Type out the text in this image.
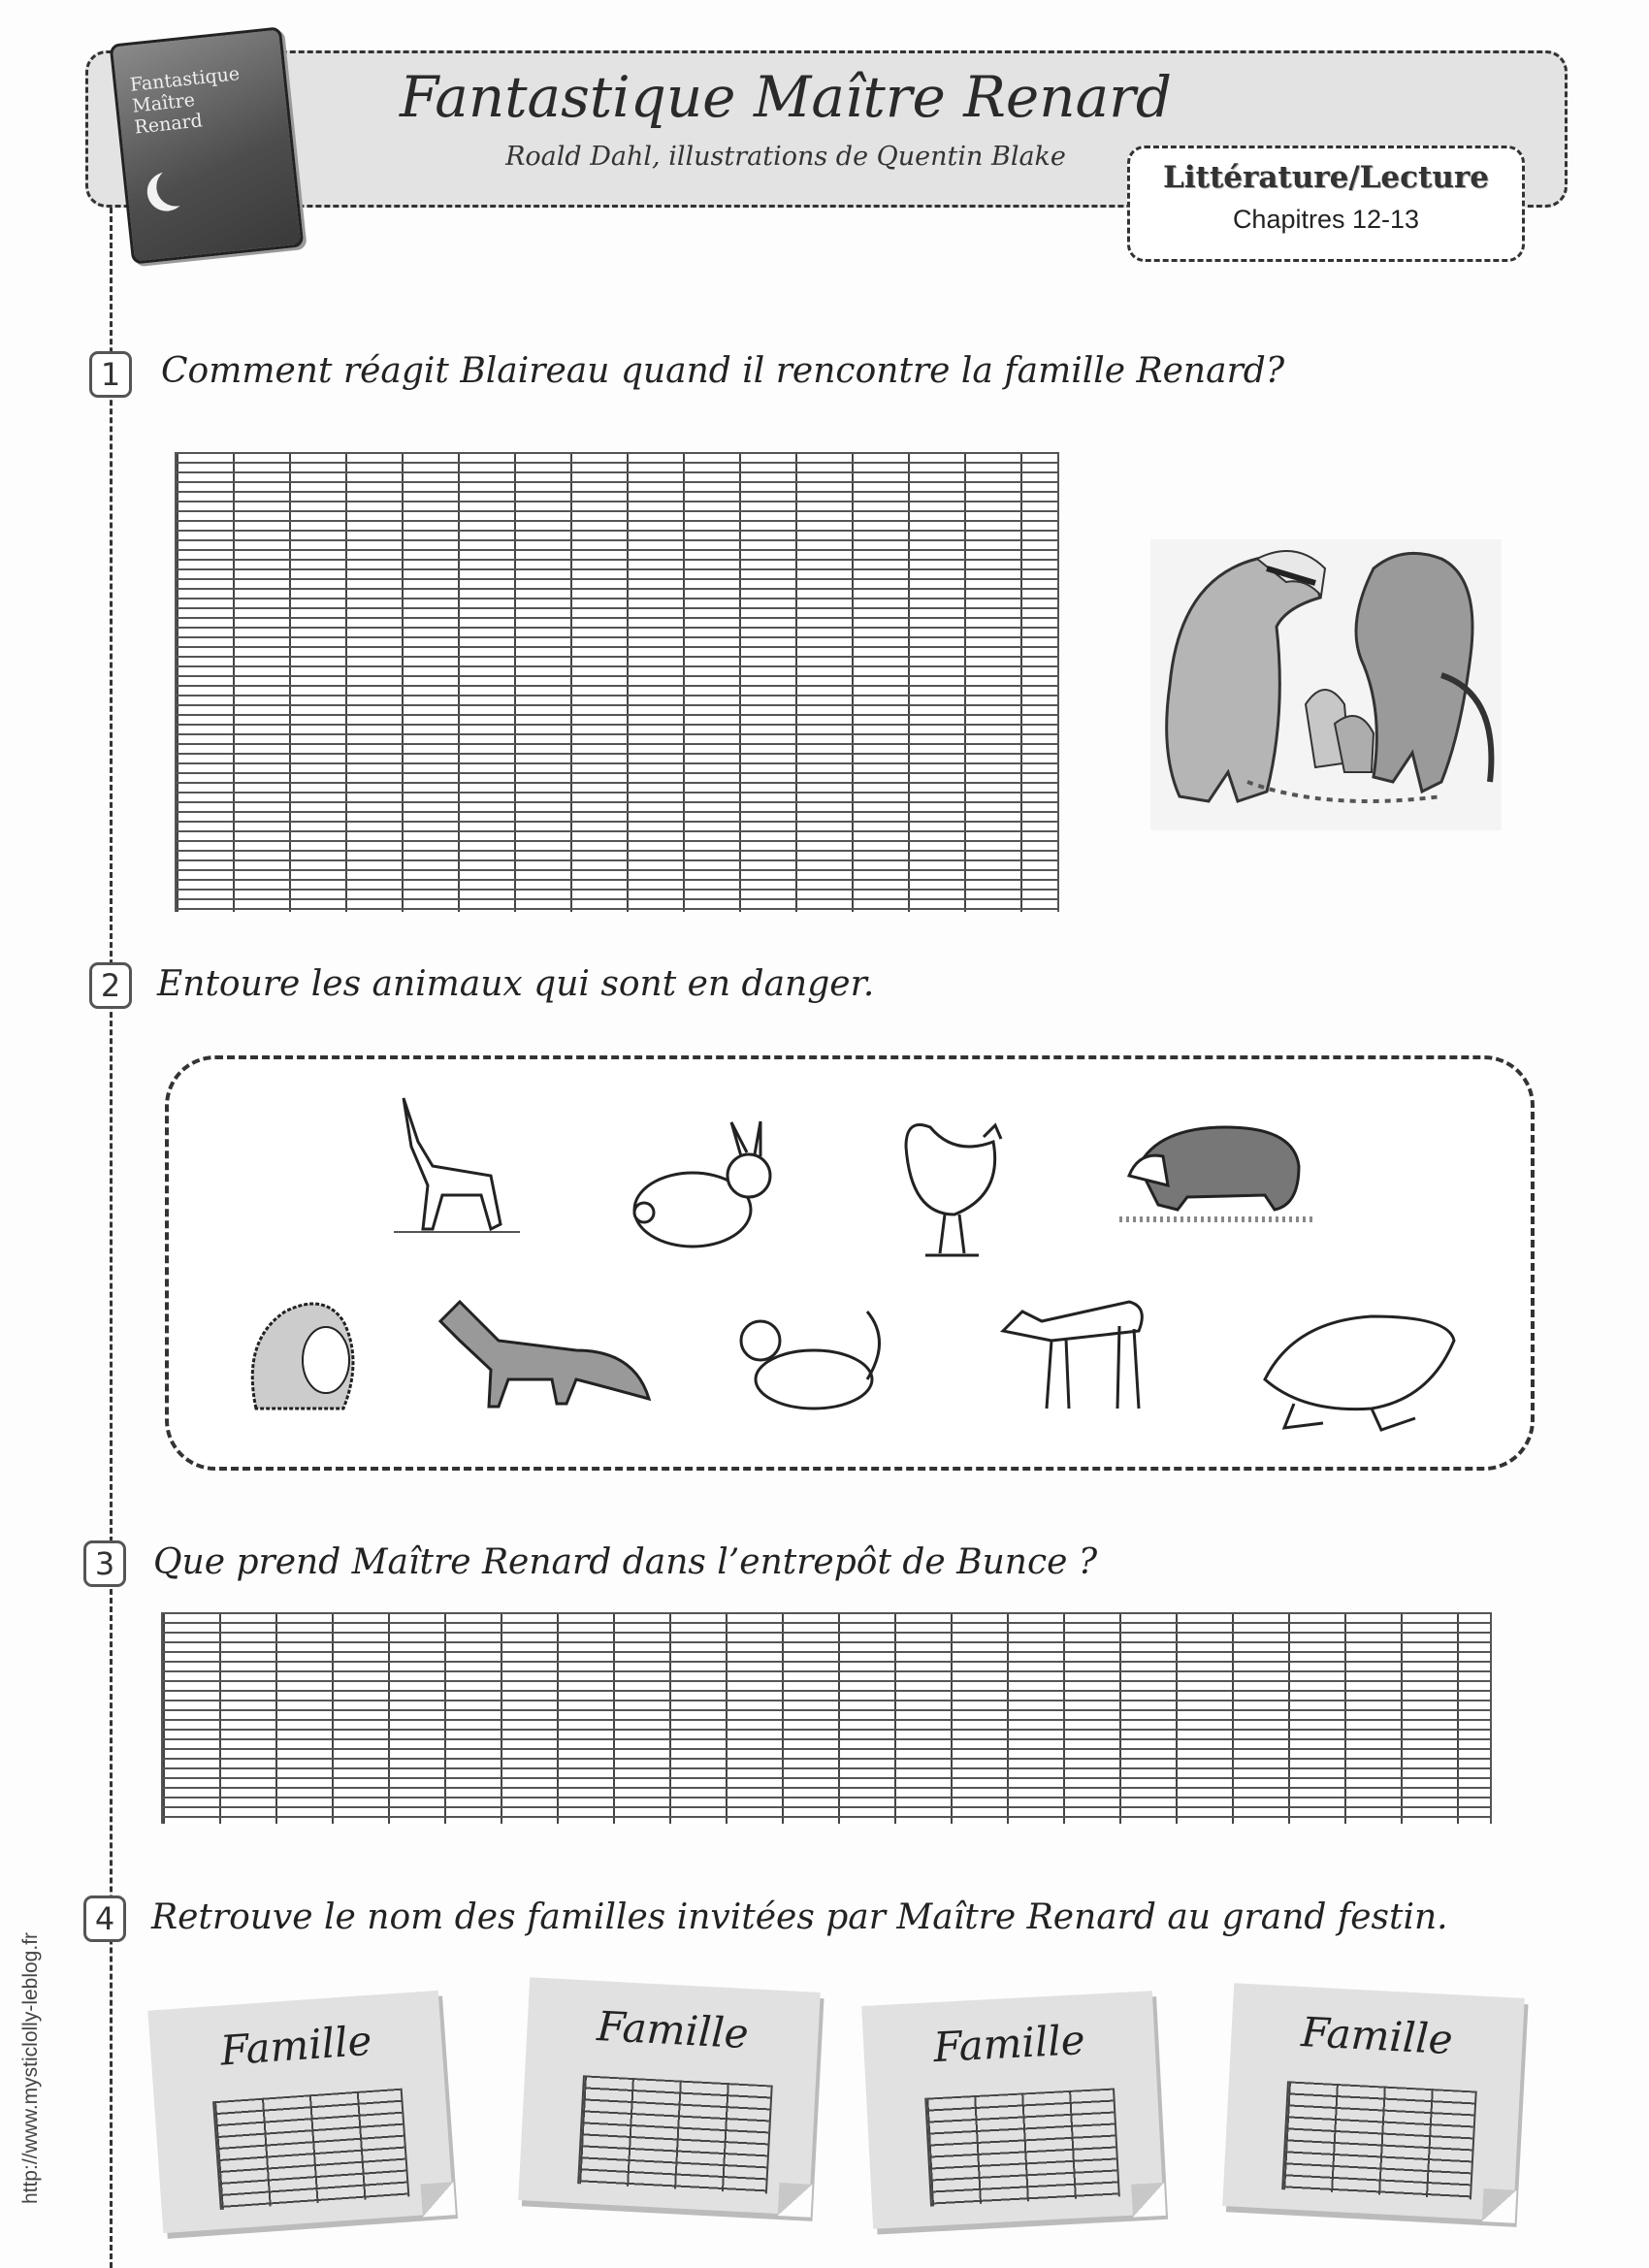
Fantastique Maître Renard	Fantastique Maître Renard
Roald Dahl, illustrations de Quentin Blake
Littérature/Lecture
Chapitres 12-13
1	Comment réagit Blaireau quand il rencontre la famille Renard?
2	Entoure les animaux qui sont en danger.
3	Que prend Maître Renard dans l’entrepôt de Bunce ?
4	Retrouve le nom des familles invitées par Maître Renard au grand festin.
Famille	Famille	Famille	Famille
http://www.mysticlolly-leblog.fr
